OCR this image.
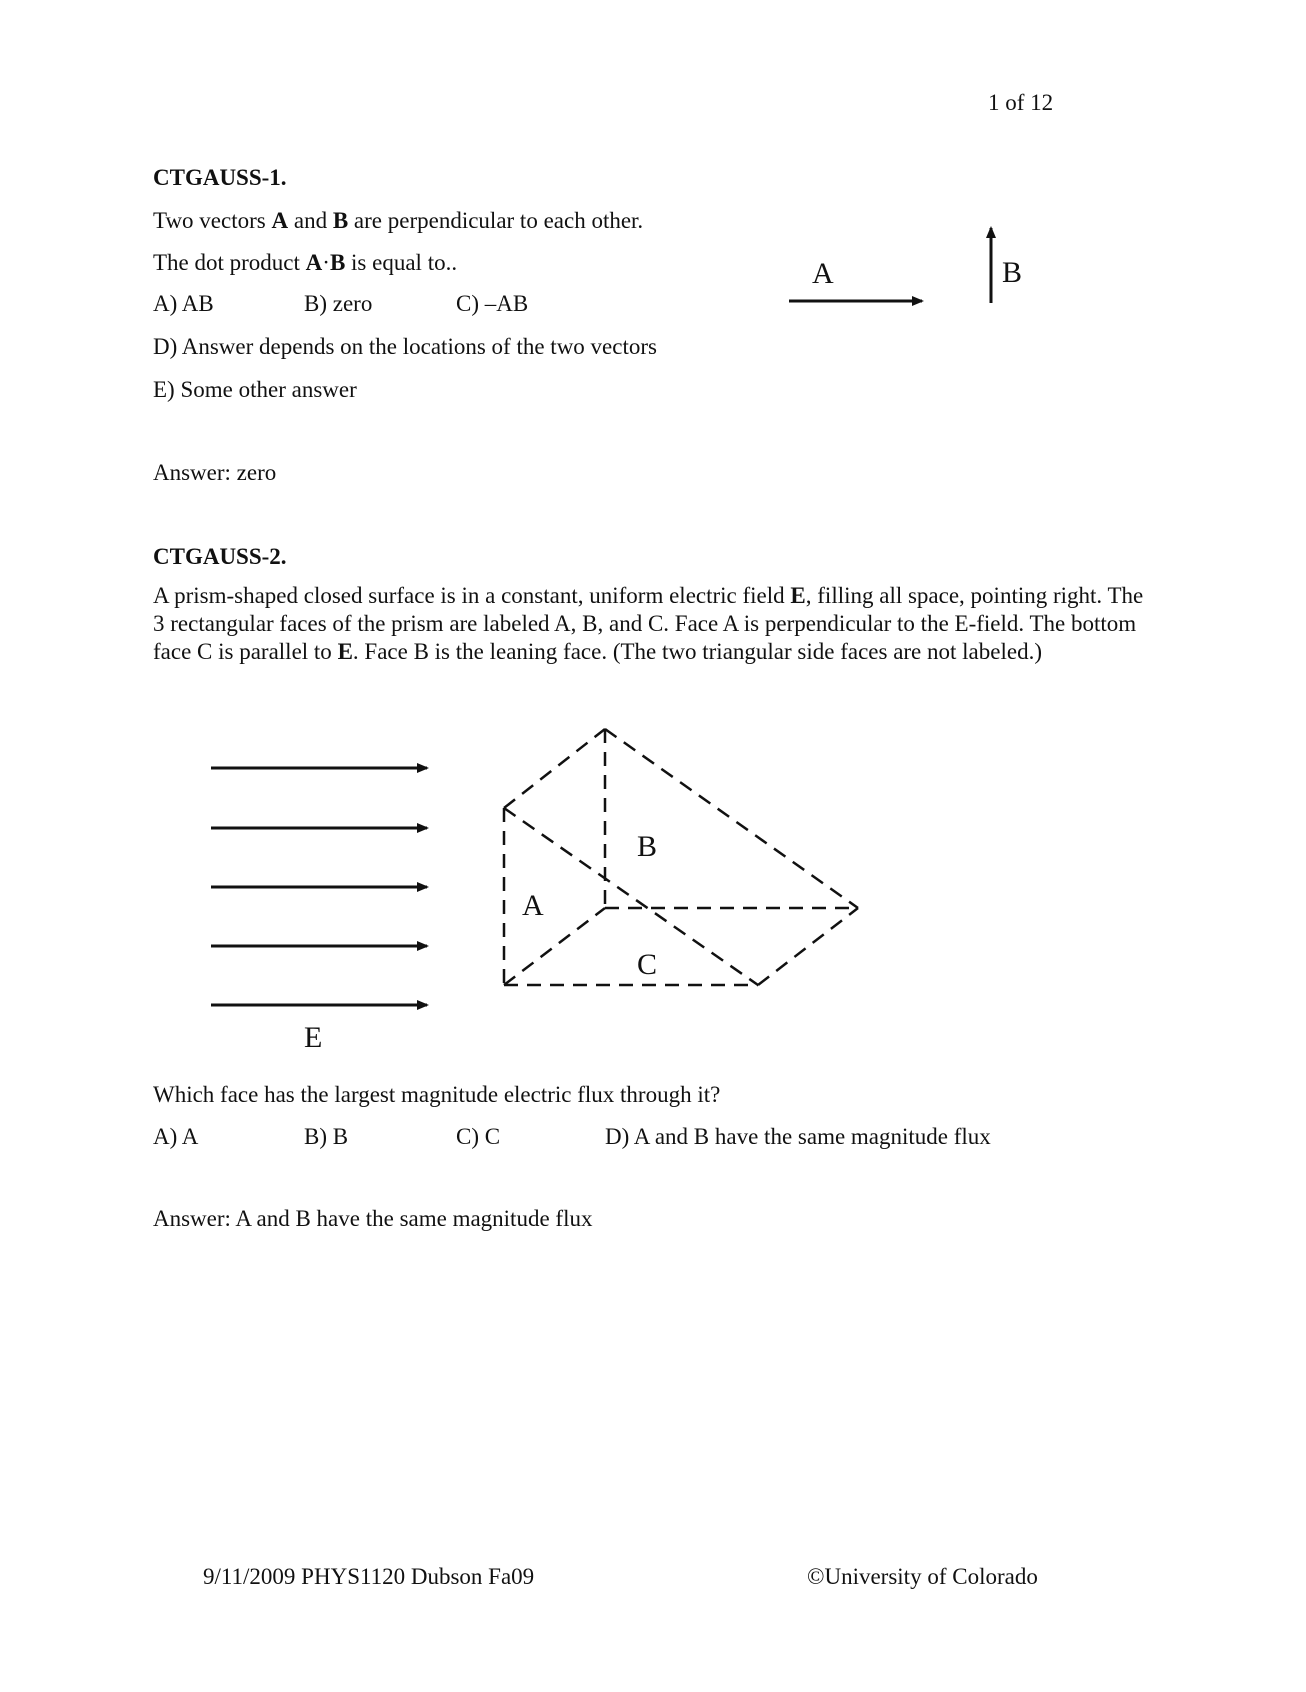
1 of 12
CTGAUSS-1.
Two vectors A and B are perpendicular to each other.
The dot product A·B is equal to..
A) AB	B) zero	C) –AB
D) Answer depends on the locations of the two vectors
E) Some other answer
Answer: zero
A	B
CTGAUSS-2.
A prism-shaped closed surface is in a constant, uniform electric field E, filling all space, pointing right. The 3 rectangular faces of the prism are labeled A, B, and C. Face A is perpendicular to the E-field. The bottom face C is parallel to E. Face B is the leaning face. (The two triangular side faces are not labeled.)
E
A
B
C
Which face has the largest magnitude electric flux through it?
A) A	B) B	C) C	D) A and B have the same magnitude flux
Answer: A and B have the same magnitude flux
9/11/2009 PHYS1120 Dubson Fa09	©University of Colorado
